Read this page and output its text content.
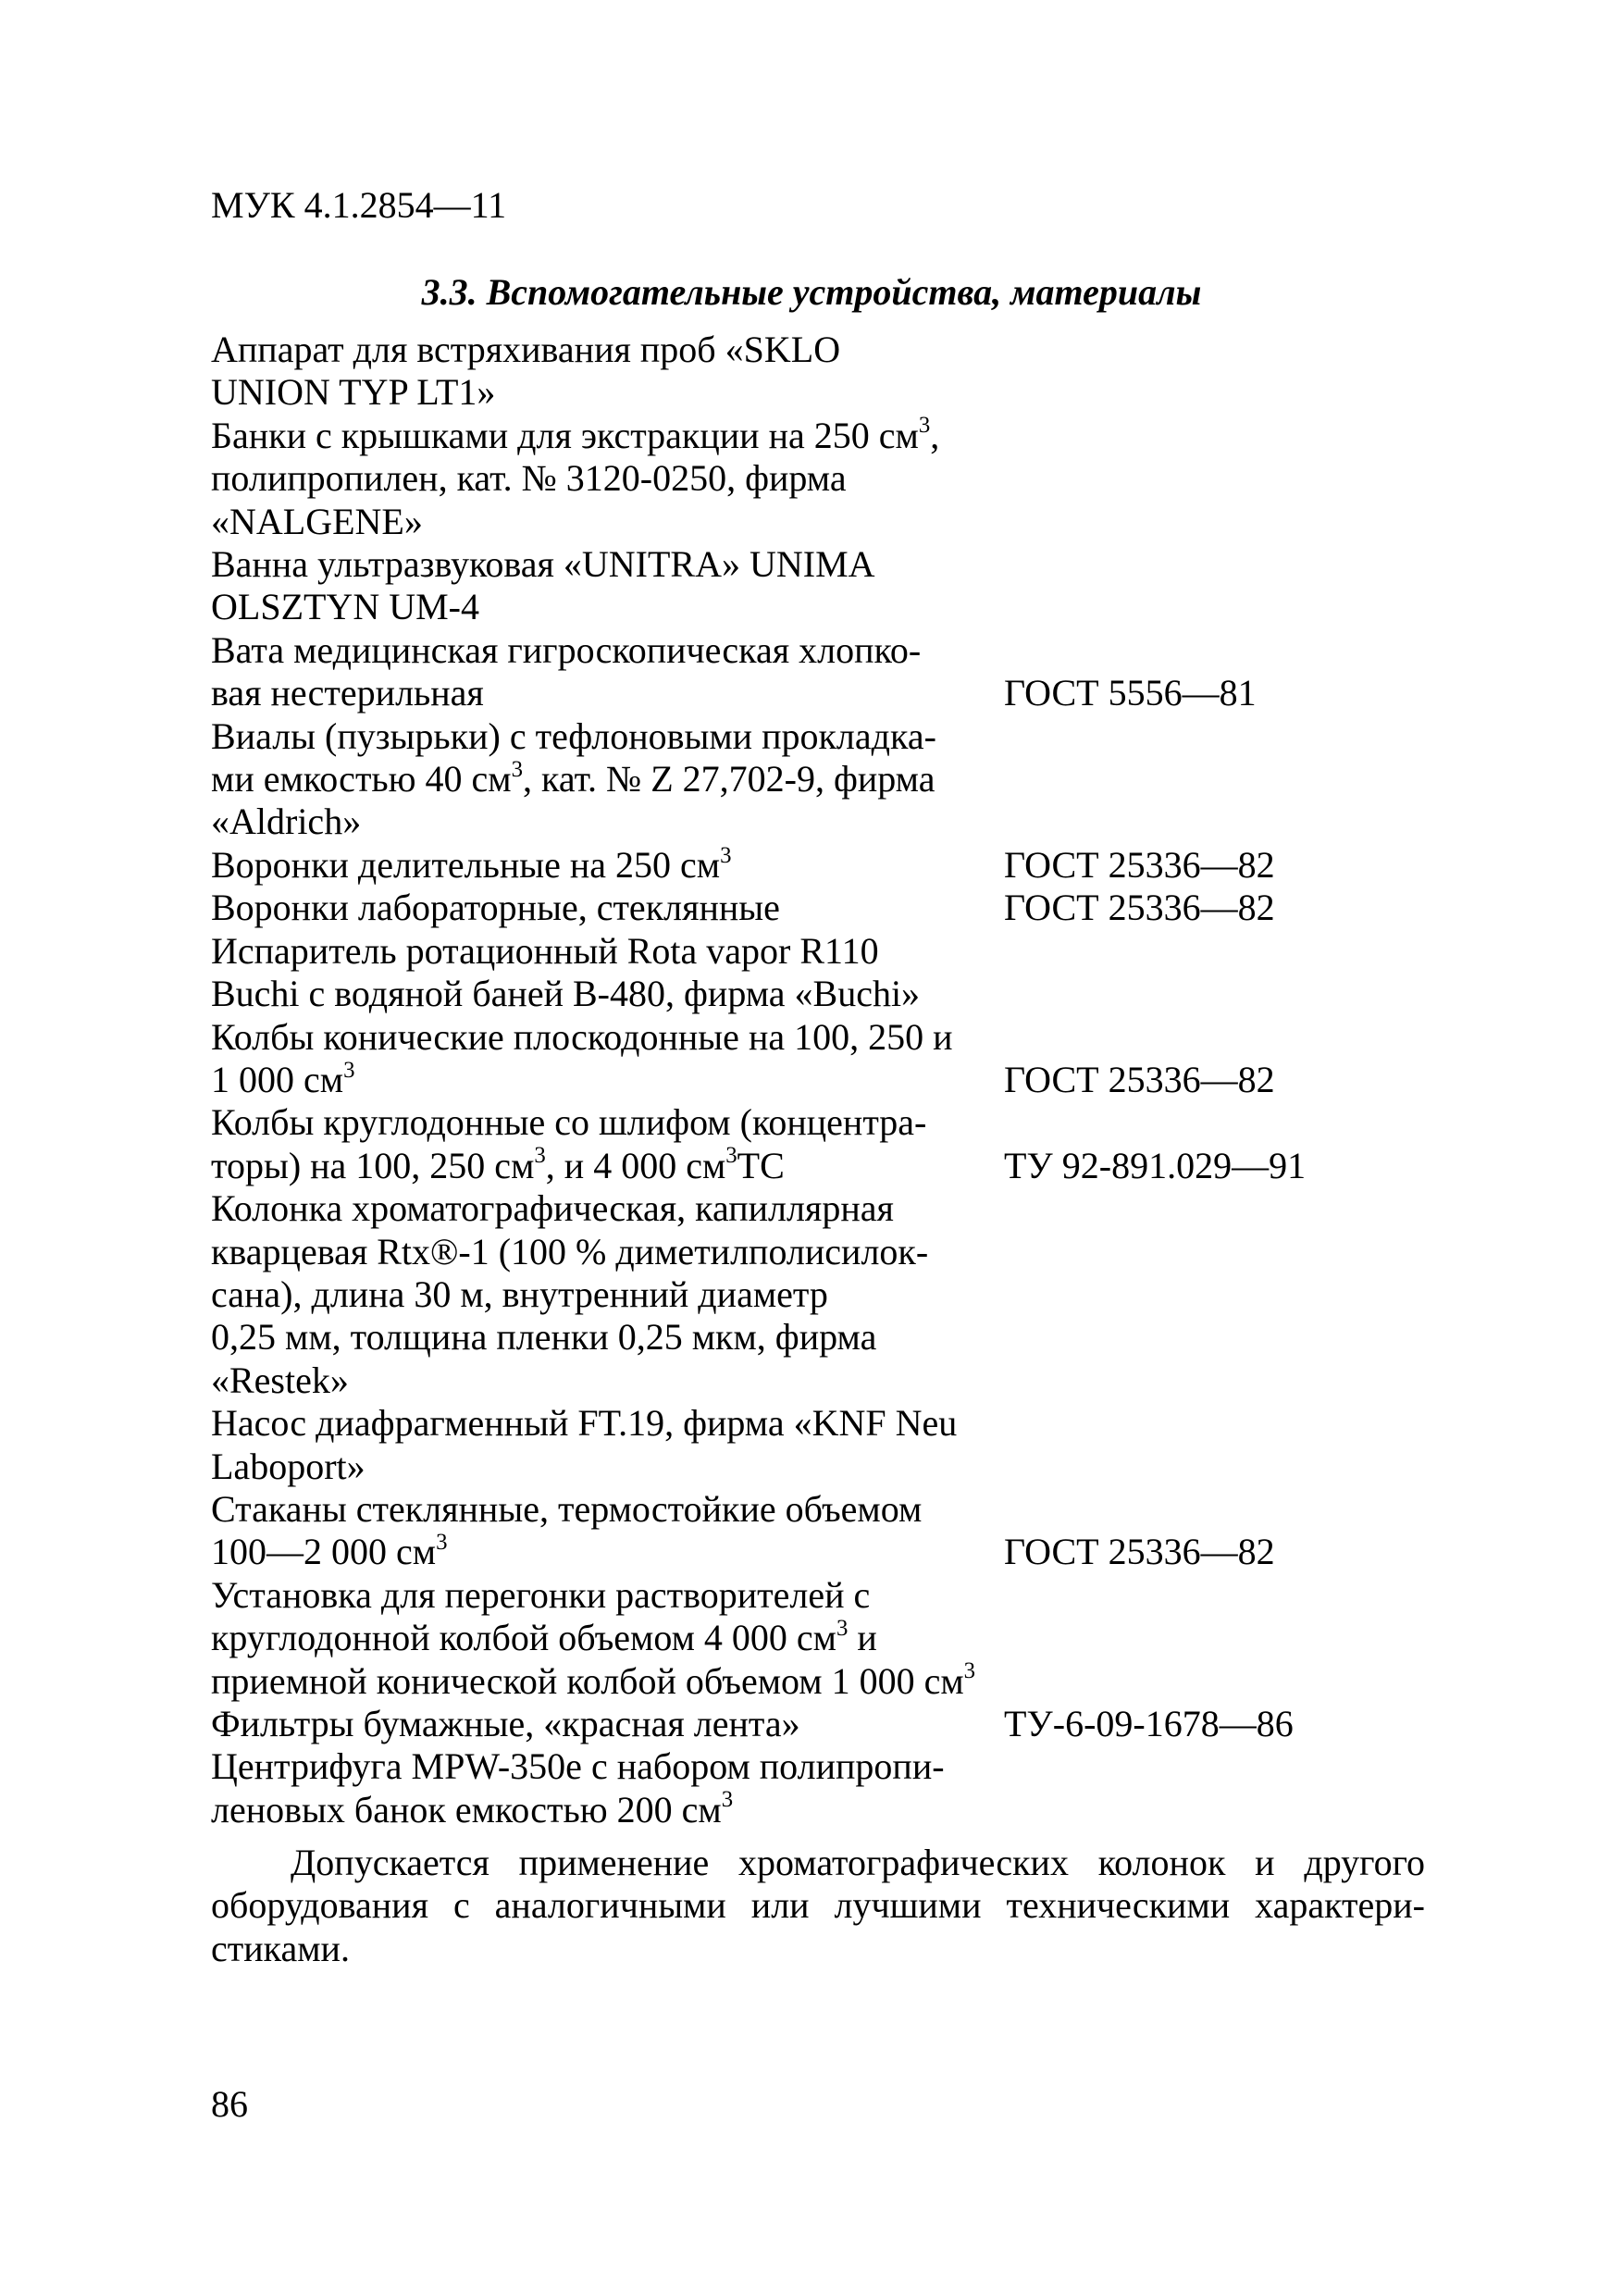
МУК 4.1.2854—11

3.3. Вспомогательные устройства, материалы
Аппарат для встряхивания проб «SKLO
UNION TYP LT1»
Банки с крышками для экстракции на 250 $см^3$,
полипропилен, кат. № 3120-0250, фирма
«NALGENE»
Ванна ультразвуковая «UNITRA» UNIMA
OLSZTYN UM-4
Вата медицинская гигроскопическая хлопко-
вая нестерильная	ГОСТ 5556—81
Виалы (пузырьки) с тефлоновыми прокладка-
ми емкостью 40 $см^3$, кат. № Z 27,702-9, фирма
«Aldrich»
Воронки делительные на 250 $см^3$	ГОСТ 25336—82
Воронки лабораторные, стеклянные	ГОСТ 25336—82
Испаритель ротационный Rota vapor R110
Buchi с водяной баней B-480, фирма «Buchi»
Колбы конические плоскодонные на 100, 250 и
1 000 $см^3$	ГОСТ 25336—82
Колбы круглодонные со шлифом (концентра-
торы) на 100, 250 $см^3$, и 4 000 $см^3ТС$	ТУ 92-891.029—91
Колонка хроматографическая, капиллярная
кварцевая Rtx®-1 (100 % диметилполисилок-
сана), длина 30 м, внутренний диаметр
0,25 мм, толщина пленки 0,25 мкм, фирма
«Restek»
Насос диафрагменный FT.19, фирма «KNF Neu
Laboport»
Стаканы стеклянные, термостойкие объемом
100—2 000 $см^3$	ГОСТ 25336—82
Установка для перегонки растворителей с
круглодонной колбой объемом 4 000 $см^3$ и
приемной конической колбой объемом 1 000 $см^3$
Фильтры бумажные, «красная лента»	ТУ-6-09-1678—86
Центрифуга MPW-350e с набором полипропи-
леновых банок емкостью 200 $см^3$

Допускается применение хроматографических колонок и другого
оборудования с аналогичными или лучшими техническими характери-
стиками.

86
